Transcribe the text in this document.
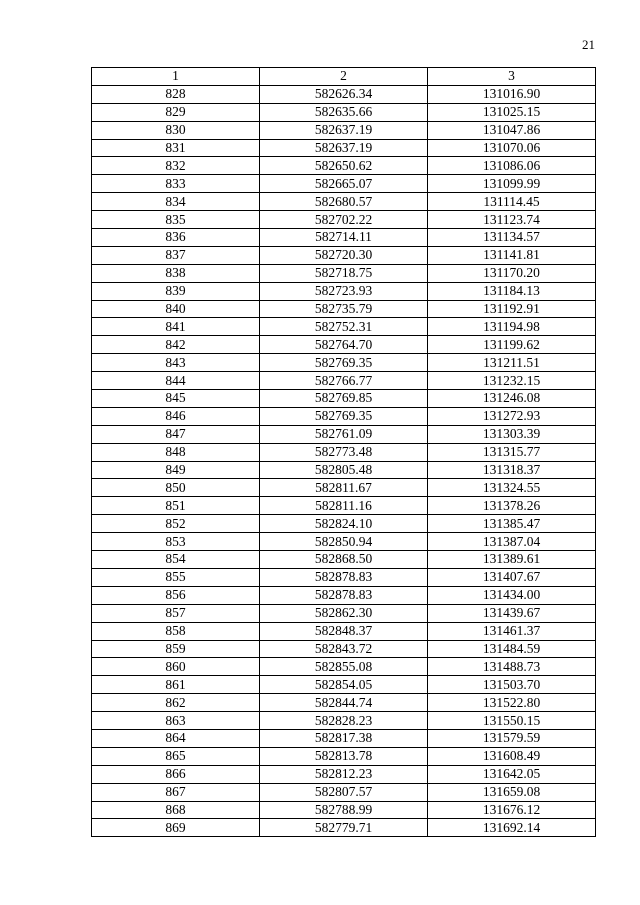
21
1	2	3
828	582626.34	131016.90
829	582635.66	131025.15
830	582637.19	131047.86
831	582637.19	131070.06
832	582650.62	131086.06
833	582665.07	131099.99
834	582680.57	131114.45
835	582702.22	131123.74
836	582714.11	131134.57
837	582720.30	131141.81
838	582718.75	131170.20
839	582723.93	131184.13
840	582735.79	131192.91
841	582752.31	131194.98
842	582764.70	131199.62
843	582769.35	131211.51
844	582766.77	131232.15
845	582769.85	131246.08
846	582769.35	131272.93
847	582761.09	131303.39
848	582773.48	131315.77
849	582805.48	131318.37
850	582811.67	131324.55
851	582811.16	131378.26
852	582824.10	131385.47
853	582850.94	131387.04
854	582868.50	131389.61
855	582878.83	131407.67
856	582878.83	131434.00
857	582862.30	131439.67
858	582848.37	131461.37
859	582843.72	131484.59
860	582855.08	131488.73
861	582854.05	131503.70
862	582844.74	131522.80
863	582828.23	131550.15
864	582817.38	131579.59
865	582813.78	131608.49
866	582812.23	131642.05
867	582807.57	131659.08
868	582788.99	131676.12
869	582779.71	131692.14
